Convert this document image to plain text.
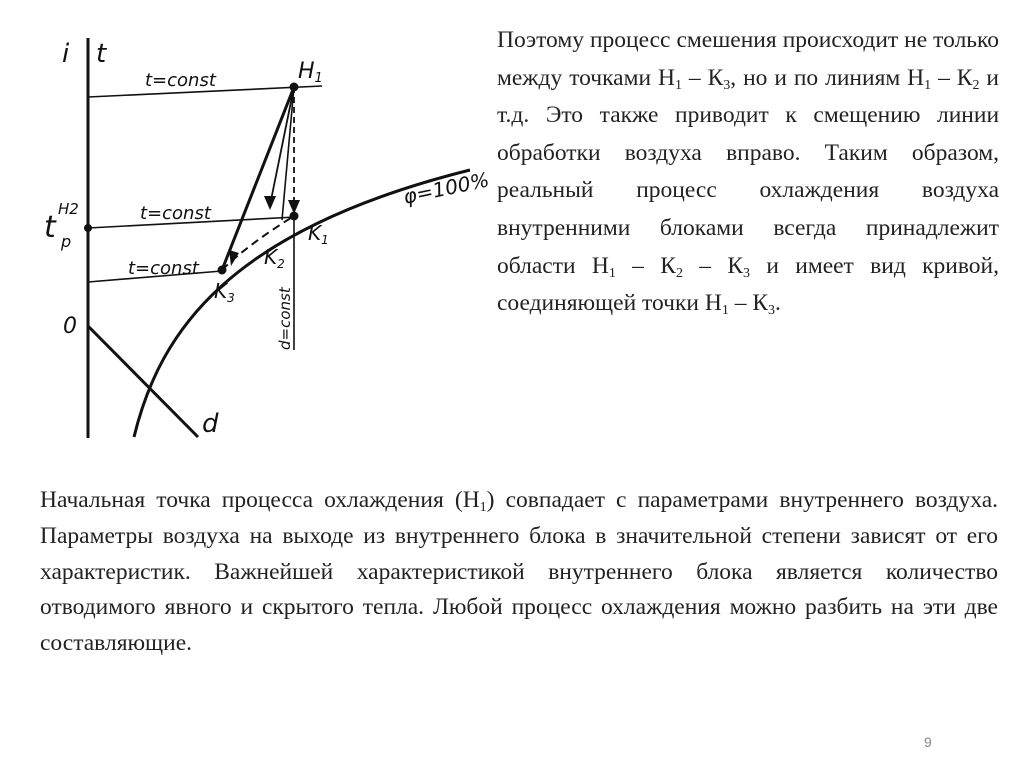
i t
t=const
t=const
t=const
φ=100%
0
d
d=const
H1
$K_1$
$K_2$
$K_3$
t
H2
p
Поэтому процесс смешения происходит не только между точками $Н_1 - К_3$, но и по линиям $Н_1 - К_2$ и т.д. Это также приводит к смещению линии обработки воздуха вправо. Таким образом, реальный процесс охлаждения воздуха внутренними блоками всегда принадлежит области $Н_1 - К_2 - К_3$ и имеет вид кривой, соединяющей точки $Н_1 - К_3$.
Начальная точка процесса охлаждения $(Н_1)$ совпадает с параметрами внутреннего воздуха. Параметры воздуха на выходе из внутреннего блока в значительной степени зависят от его характеристик. Важнейшей характеристикой внутреннего блока является количество отводимого явного и скрытого тепла. Любой процесс охлаждения можно разбить на эти две составляющие.
9
